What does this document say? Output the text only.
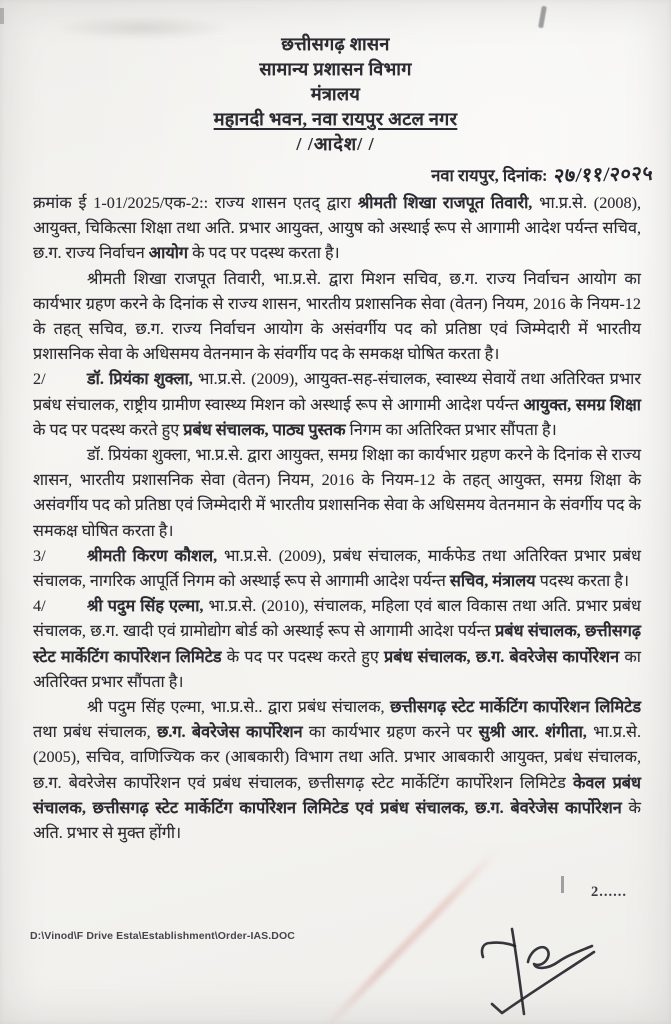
छत्तीसगढ़ शासन
सामान्य प्रशासन विभाग
मंत्रालय
महानदी भवन, नवा रायपुर अटल नगर
/ /आदेश/ /
नवा रायपुर, दिनांक: २७/११/२०२५
क्रमांक ई 1-01/2025/एक-2:: राज्य शासन एतद् द्वारा श्रीमती शिखा राजपूत तिवारी, भा.प्र.से. (2008), आयुक्त, चिकित्सा शिक्षा तथा अति. प्रभार आयुक्त, आयुष को अस्थाई रूप से आगामी आदेश पर्यन्त सचिव, छ.ग. राज्य निर्वाचन आयोग के पद पर पदस्थ करता है।
श्रीमती शिखा राजपूत तिवारी, भा.प्र.से. द्वारा मिशन सचिव, छ.ग. राज्य निर्वाचन आयोग का कार्यभार ग्रहण करने के दिनांक से राज्य शासन, भारतीय प्रशासनिक सेवा (वेतन) नियम, 2016 के नियम-12 के तहत् सचिव, छ.ग. राज्य निर्वाचन आयोग के असंवर्गीय पद को प्रतिष्ठा एवं जिम्मेदारी में भारतीय प्रशासनिक सेवा के अधिसमय वेतनमान के संवर्गीय पद के समकक्ष घोषित करता है।
2/	डॉ. प्रियंका शुक्ला, भा.प्र.से. (2009), आयुक्त-सह-संचालक, स्वास्थ्य सेवायें तथा अतिरिक्त प्रभार प्रबंध संचालक, राष्ट्रीय ग्रामीण स्वास्थ्य मिशन को अस्थाई रूप से आगामी आदेश पर्यन्त आयुक्त, समग्र शिक्षा के पद पर पदस्थ करते हुए प्रबंध संचालक, पाठ्य पुस्तक निगम का अतिरिक्त प्रभार सौंपता है।
डॉ. प्रियंका शुक्ला, भा.प्र.से. द्वारा आयुक्त, समग्र शिक्षा का कार्यभार ग्रहण करने के दिनांक से राज्य शासन, भारतीय प्रशासनिक सेवा (वेतन) नियम, 2016 के नियम-12 के तहत् आयुक्त, समग्र शिक्षा के असंवर्गीय पद को प्रतिष्ठा एवं जिम्मेदारी में भारतीय प्रशासनिक सेवा के अधिसमय वेतनमान के संवर्गीय पद के समकक्ष घोषित करता है।
3/	श्रीमती किरण कौशल, भा.प्र.से. (2009), प्रबंध संचालक, मार्कफेड तथा अतिरिक्त प्रभार प्रबंध संचालक, नागरिक आपूर्ति निगम को अस्थाई रूप से आगामी आदेश पर्यन्त सचिव, मंत्रालय पदस्थ करता है।
4/	श्री पदुम सिंह एल्मा, भा.प्र.से. (2010), संचालक, महिला एवं बाल विकास तथा अति. प्रभार प्रबंध संचालक, छ.ग. खादी एवं ग्रामोद्योग बोर्ड को अस्थाई रूप से आगामी आदेश पर्यन्त प्रबंध संचालक, छत्तीसगढ़ स्टेट मार्केटिंग कार्पोरेशन लिमिटेड के पद पर पदस्थ करते हुए प्रबंध संचालक, छ.ग. बेवरेजेस कार्पोरेशन का अतिरिक्त प्रभार सौंपता है।
श्री पदुम सिंह एल्मा, भा.प्र.से.. द्वारा प्रबंध संचालक, छत्तीसगढ़ स्टेट मार्केटिंग कार्पोरेशन लिमिटेड तथा प्रबंध संचालक, छ.ग. बेवरेजेस कार्पोरेशन का कार्यभार ग्रहण करने पर सुश्री आर. शंगीता, भा.प्र.से. (2005), सचिव, वाणिज्यिक कर (आबकारी) विभाग तथा अति. प्रभार आबकारी आयुक्त, प्रबंध संचालक, छ.ग. बेवरेजेस कार्पोरेशन एवं प्रबंध संचालक, छत्तीसगढ़ स्टेट मार्केटिंग कार्पोरेशन लिमिटेड केवल प्रबंध संचालक, छत्तीसगढ़ स्टेट मार्केटिंग कार्पोरेशन लिमिटेड एवं प्रबंध संचालक, छ.ग. बेवरेजेस कार्पोरेशन के अति. प्रभार से मुक्त होंगी।
2......
D:\Vinod\F Drive Esta\Establishment\Order-IAS.DOC
